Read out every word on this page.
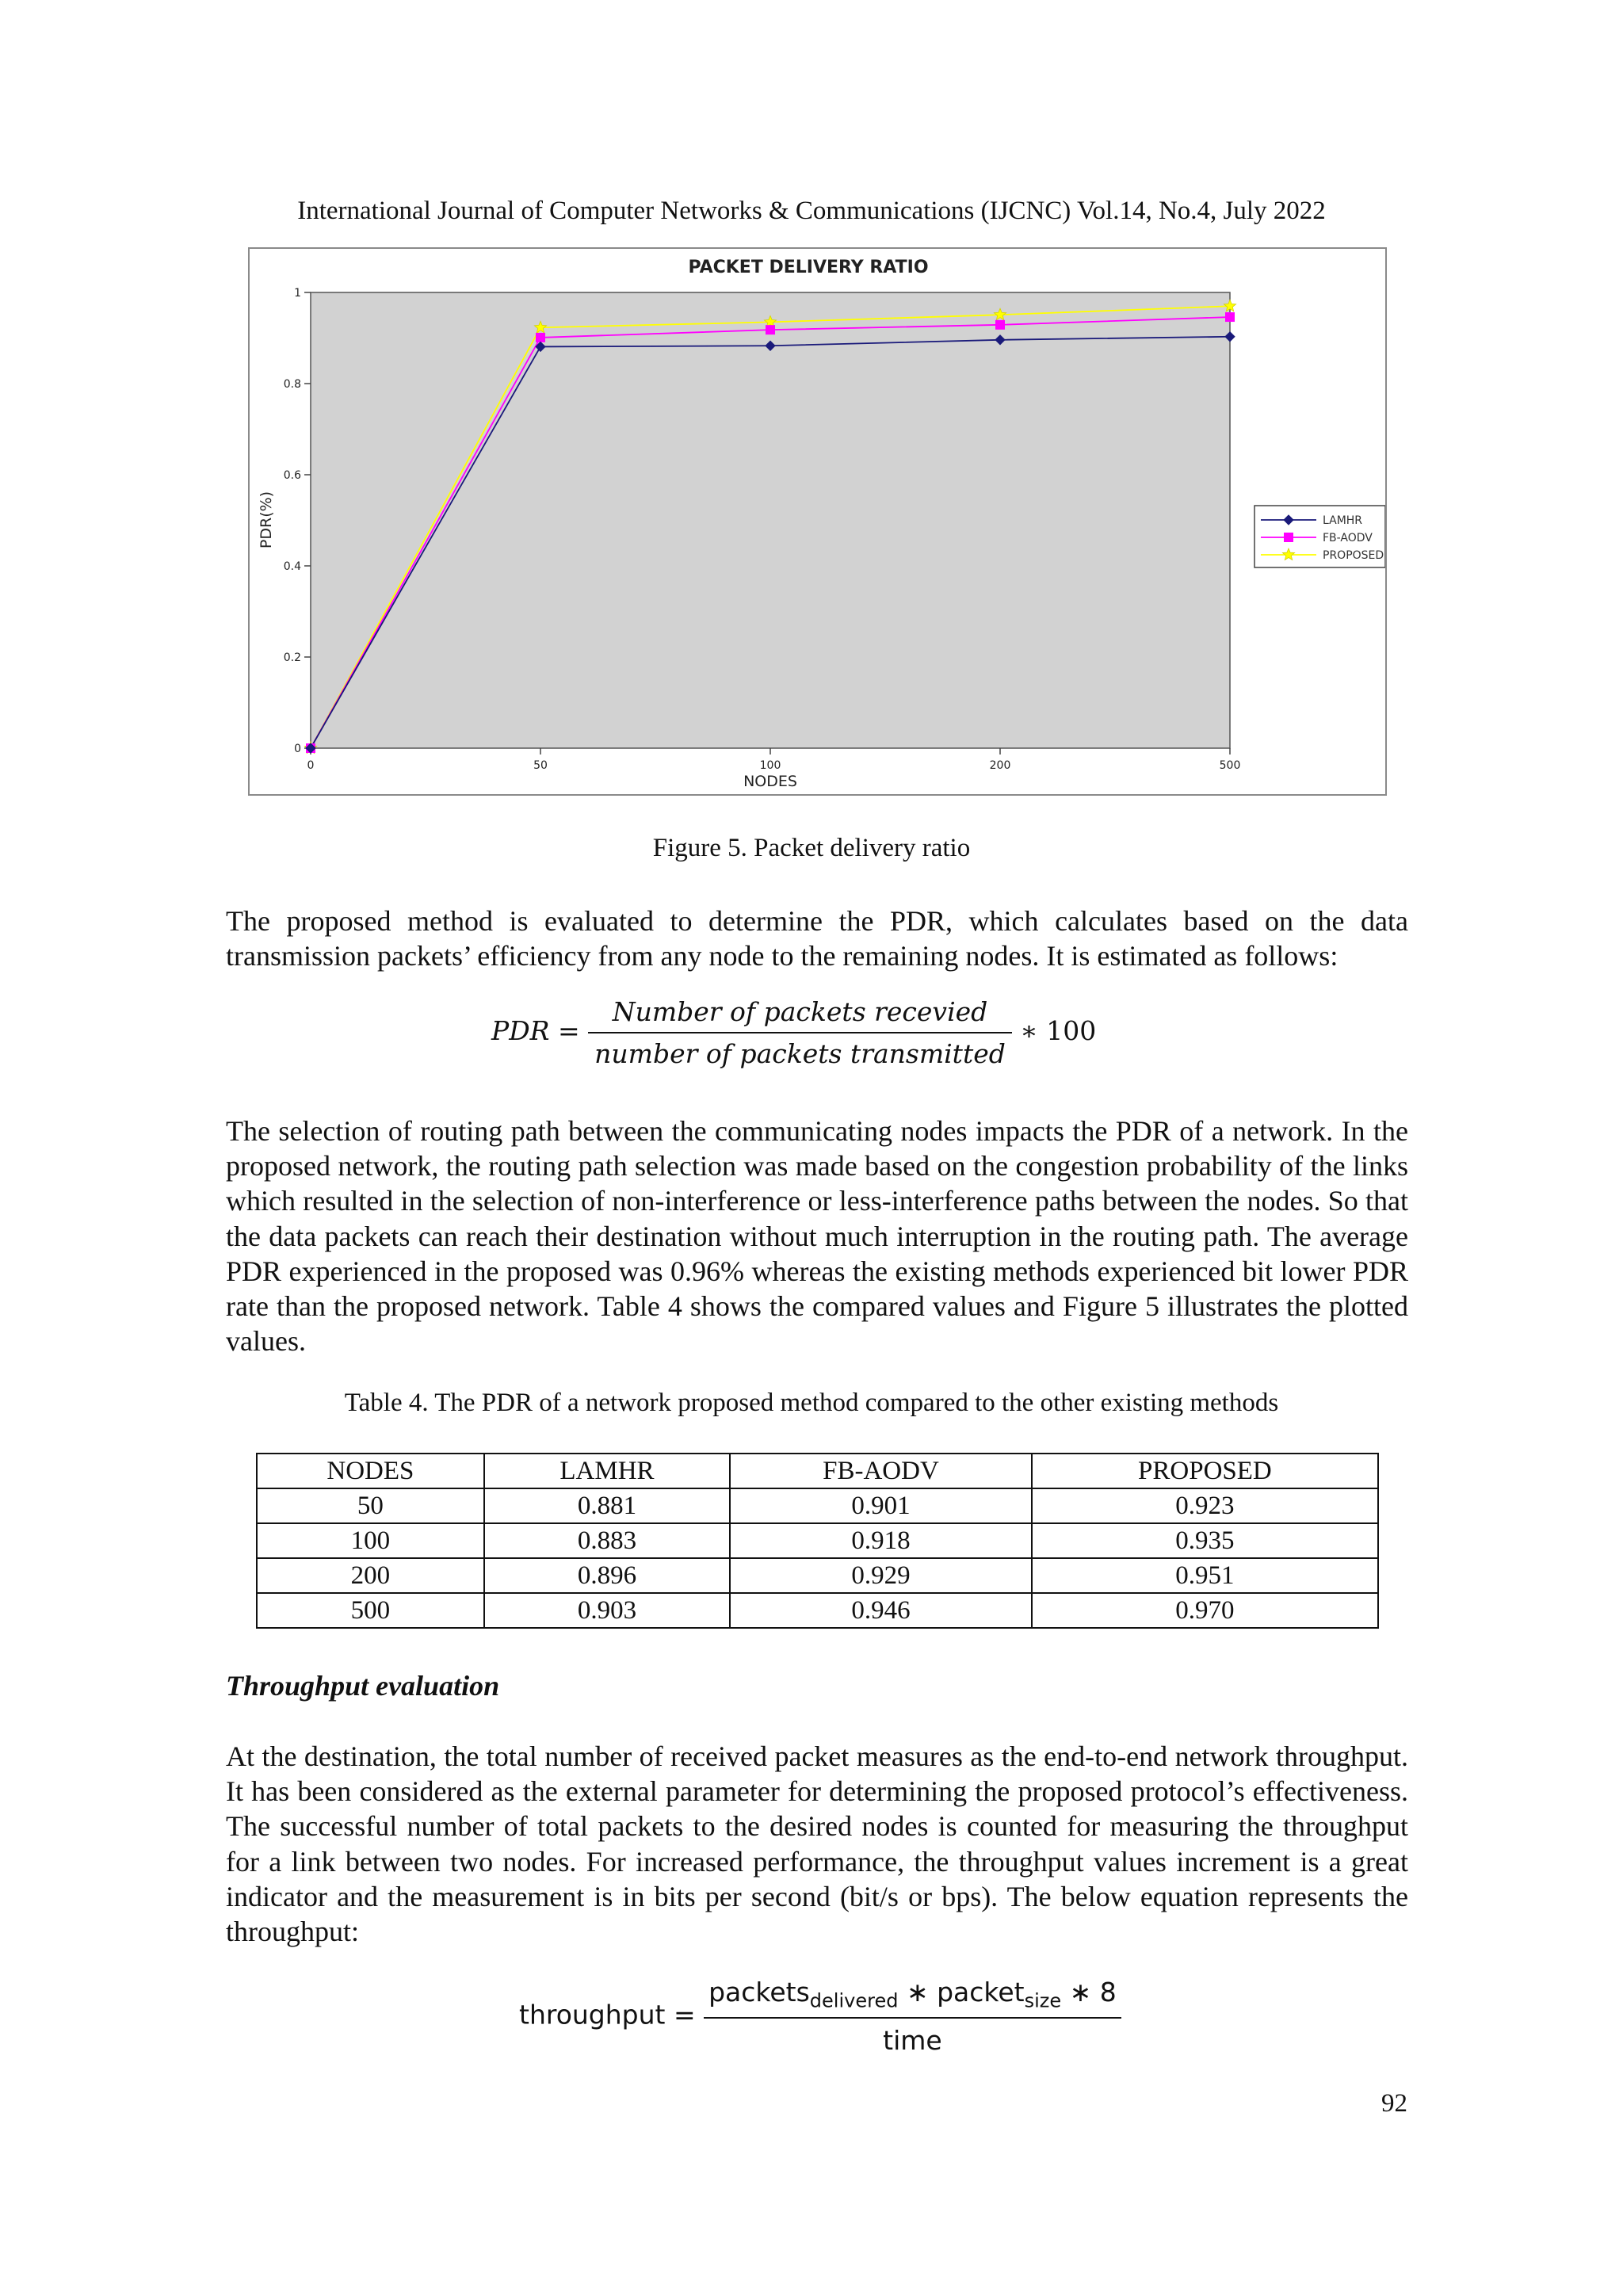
International Journal of Computer Networks & Communications (IJCNC) Vol.14, No.4, July 2022
PACKET DELIVERY RATIO
PDR(%)
NODES
0
0.2
0.4
0.6
0.8
1
0	50	100	200	500
LAMHR
FB-AODV
PROPOSED
Figure 5. Packet delivery ratio
The proposed method is evaluated to determine the PDR, which calculates based on the data transmission packets’ efficiency from any node to the remaining nodes. It is estimated as follows:
PDR = $\frac{\text{Number of packets recevied}}{\text{number of packets transmitted}}$ ∗ 100
The selection of routing path between the communicating nodes impacts the PDR of a network. In the proposed network, the routing path selection was made based on the congestion probability of the links which resulted in the selection of non-interference or less-interference paths between the nodes. So that the data packets can reach their destination without much interruption in the routing path. The average PDR experienced in the proposed was 0.96% whereas the existing methods experienced bit lower PDR rate than the proposed network. Table 4 shows the compared values and Figure 5 illustrates the plotted values.
Table 4. The PDR of a network proposed method compared to the other existing methods
NODES	LAMHR	FB-AODV	PROPOSED
50	0.881	0.901	0.923
100	0.883	0.918	0.935
200	0.896	0.929	0.951
500	0.903	0.946	0.970
Throughput evaluation
At the destination, the total number of received packet measures as the end-to-end network throughput. It has been considered as the external parameter for determining the proposed protocol’s effectiveness. The successful number of total packets to the desired nodes is counted for measuring the throughput for a link between two nodes. For increased performance, the throughput values increment is a great indicator and the measurement is in bits per second (bit/s or bps). The below equation represents the throughput:
throughput = $\frac{packets_{delivered} ∗ packet_{size} ∗ 8}{\text{time}}$
92
